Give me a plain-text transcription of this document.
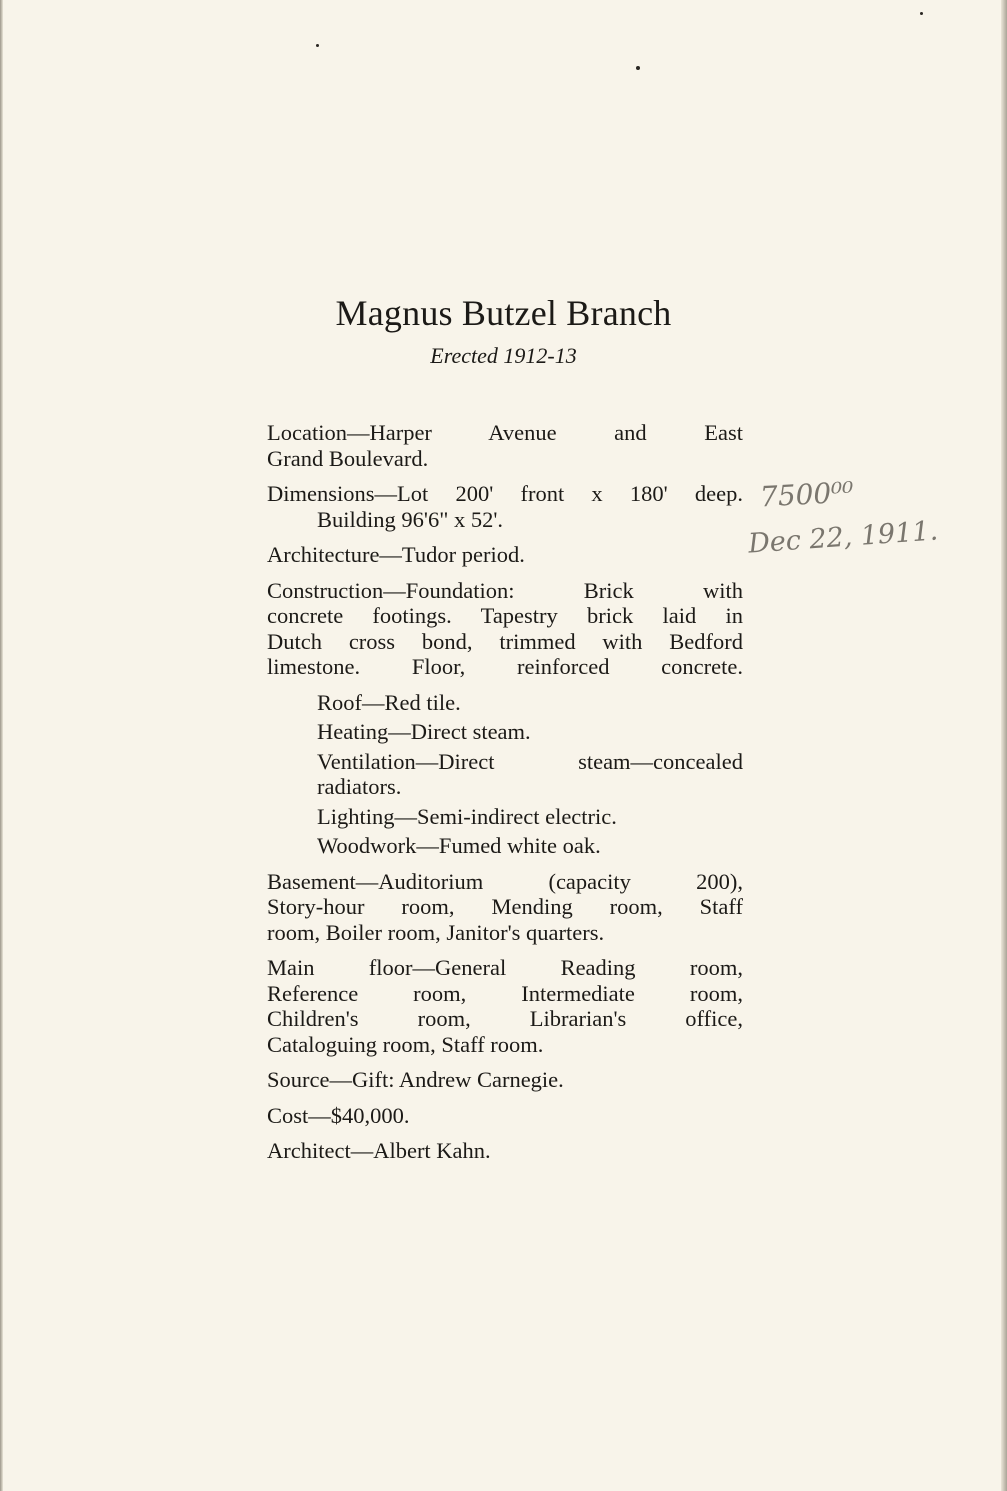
Magnus Butzel Branch
Erected 1912-13
Location—Harper Avenue and East
Grand Boulevard.
Dimensions—Lot 200' front x 180' deep.
Building 96'6" x 52'.
Architecture—Tudor period.
Construction—Foundation: Brick with
concrete footings. Tapestry brick laid in
Dutch cross bond, trimmed with Bedford
limestone. Floor, reinforced concrete.
Roof—Red tile.
Heating—Direct steam.
Ventilation—Direct steam—concealed
radiators.
Lighting—Semi-indirect electric.
Woodwork—Fumed white oak.
Basement—Auditorium (capacity 200),
Story-hour room, Mending room, Staff
room, Boiler room, Janitor's quarters.
Main floor—General Reading room,
Reference room, Intermediate room,
Children's room, Librarian's office,
Cataloguing room, Staff room.
Source—Gift: Andrew Carnegie.
Cost—$40,000.
Architect—Albert Kahn.
7500⁰⁰
Dec 22, 1911.
